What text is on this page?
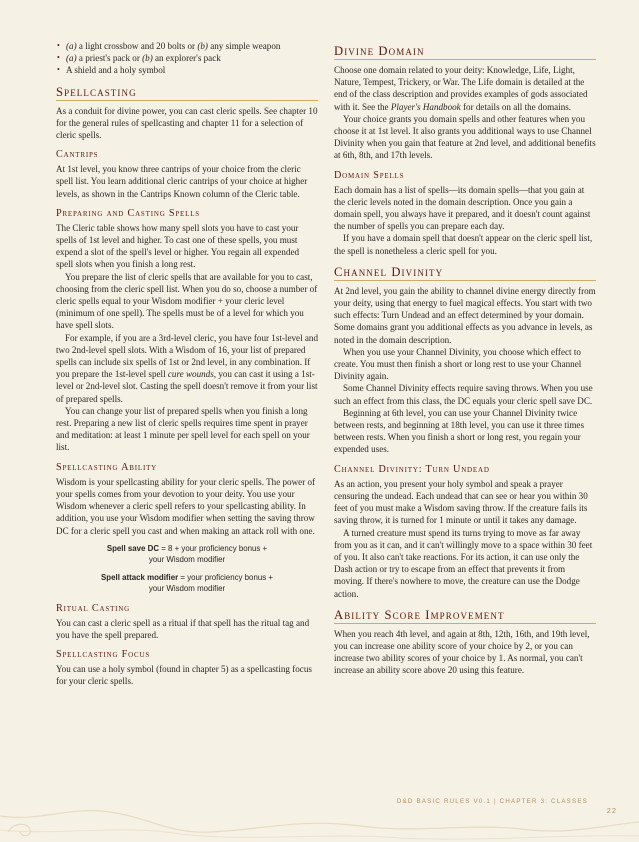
• (a) a light crossbow and 20 bolts or (b) any simple weapon
• (a) a priest's pack or (b) an explorer's pack
• A shield and a holy symbol
Spellcasting

As a conduit for divine power, you can cast cleric spells. See chapter 10 for the general rules of spellcasting and chapter 11 for a selection of cleric spells.

Cantrips

At 1st level, you know three cantrips of your choice from the cleric spell list. You learn additional cleric cantrips of your choice at higher levels, as shown in the Cantrips Known column of the Cleric table.

Preparing and Casting Spells

The Cleric table shows how many spell slots you have to cast your spells of 1st level and higher. To cast one of these spells, you must expend a slot of the spell's level or higher. You regain all expended spell slots when you finish a long rest.

You prepare the list of cleric spells that are available for you to cast, choosing from the cleric spell list. When you do so, choose a number of cleric spells equal to your Wisdom modifier + your cleric level (minimum of one spell). The spells must be of a level for which you have spell slots.

For example, if you are a 3rd-level cleric, you have four 1st-level and two 2nd-level spell slots. With a Wisdom of 16, your list of prepared spells can include six spells of 1st or 2nd level, in any combination. If you prepare the 1st-level spell cure wounds, you can cast it using a 1st-level or 2nd-level slot. Casting the spell doesn't remove it from your list of prepared spells.

You can change your list of prepared spells when you finish a long rest. Preparing a new list of cleric spells requires time spent in prayer and meditation: at least 1 minute per spell level for each spell on your list.

Spellcasting Ability

Wisdom is your spellcasting ability for your cleric spells. The power of your spells comes from your devotion to your deity. You use your Wisdom whenever a cleric spell refers to your spellcasting ability. In addition, you use your Wisdom modifier when setting the saving throw DC for a cleric spell you cast and when making an attack roll with one.

Spell save DC = 8 + your proficiency bonus +
your Wisdom modifier
Spell attack modifier = your proficiency bonus +
your Wisdom modifier
Ritual Casting

You can cast a cleric spell as a ritual if that spell has the ritual tag and you have the spell prepared.

Spellcasting Focus

You can use a holy symbol (found in chapter 5) as a spellcasting focus for your cleric spells.

Divine Domain

Choose one domain related to your deity: Knowledge, Life, Light, Nature, Tempest, Trickery, or War. The Life domain is detailed at the end of the class description and provides examples of gods associated with it. See the Player's Handbook for details on all the domains.

Your choice grants you domain spells and other features when you choose it at 1st level. It also grants you additional ways to use Channel Divinity when you gain that feature at 2nd level, and additional benefits at 6th, 8th, and 17th levels.

Domain Spells

Each domain has a list of spells—its domain spells—that you gain at the cleric levels noted in the domain description. Once you gain a domain spell, you always have it prepared, and it doesn't count against the number of spells you can prepare each day.

If you have a domain spell that doesn't appear on the cleric spell list, the spell is nonetheless a cleric spell for you.

Channel Divinity

At 2nd level, you gain the ability to channel divine energy directly from your deity, using that energy to fuel magical effects. You start with two such effects: Turn Undead and an effect determined by your domain. Some domains grant you additional effects as you advance in levels, as noted in the domain description.

When you use your Channel Divinity, you choose which effect to create. You must then finish a short or long rest to use your Channel Divinity again.

Some Channel Divinity effects require saving throws. When you use such an effect from this class, the DC equals your cleric spell save DC.

Beginning at 6th level, you can use your Channel Divinity twice between rests, and beginning at 18th level, you can use it three times between rests. When you finish a short or long rest, you regain your expended uses.

Channel Divinity: Turn Undead

As an action, you present your holy symbol and speak a prayer censuring the undead. Each undead that can see or hear you within 30 feet of you must make a Wisdom saving throw. If the creature fails its saving throw, it is turned for 1 minute or until it takes any damage.

A turned creature must spend its turns trying to move as far away from you as it can, and it can't willingly move to a space within 30 feet of you. It also can't take reactions. For its action, it can use only the Dash action or try to escape from an effect that prevents it from moving. If there's nowhere to move, the creature can use the Dodge action.

Ability Score Improvement

When you reach 4th level, and again at 8th, 12th, 16th, and 19th level, you can increase one ability score of your choice by 2, or you can increase two ability scores of your choice by 1. As normal, you can't increase an ability score above 20 using this feature.

D&D BASIC RULES V0.1 | CHAPTER 3: CLASSES
22
